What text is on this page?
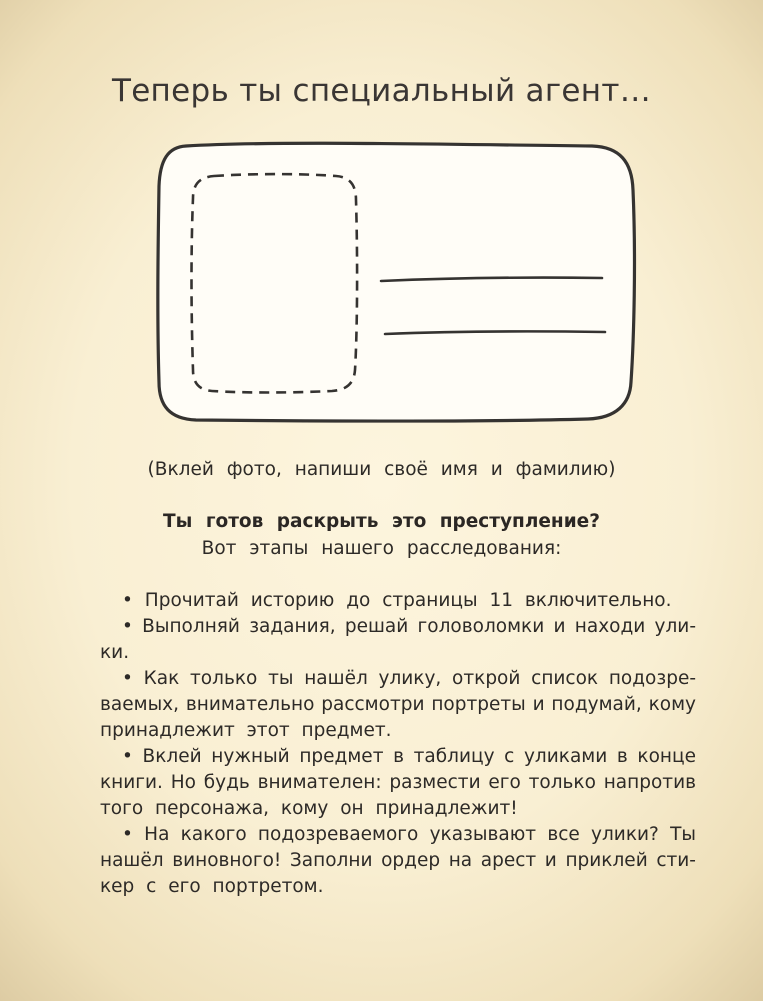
Теперь ты специальный агент…
(Вклей фото, напиши своё имя и фамилию)
Ты готов раскрыть это преступление?
Вот этапы нашего расследования:
• Прочитай историю до страницы 11 включительно.
• Выполняй задания, решай головоломки и находи ули-
ки.
• Как только ты нашёл улику, открой список подозре-
ваемых, внимательно рассмотри портреты и подумай, кому
принадлежит этот предмет.
• Вклей нужный предмет в таблицу с уликами в конце
книги. Но будь внимателен: размести его только напротив
того персонажа, кому он принадлежит!
• На какого подозреваемого указывают все улики? Ты
нашёл виновного! Заполни ордер на арест и приклей сти-
кер с его портретом.
